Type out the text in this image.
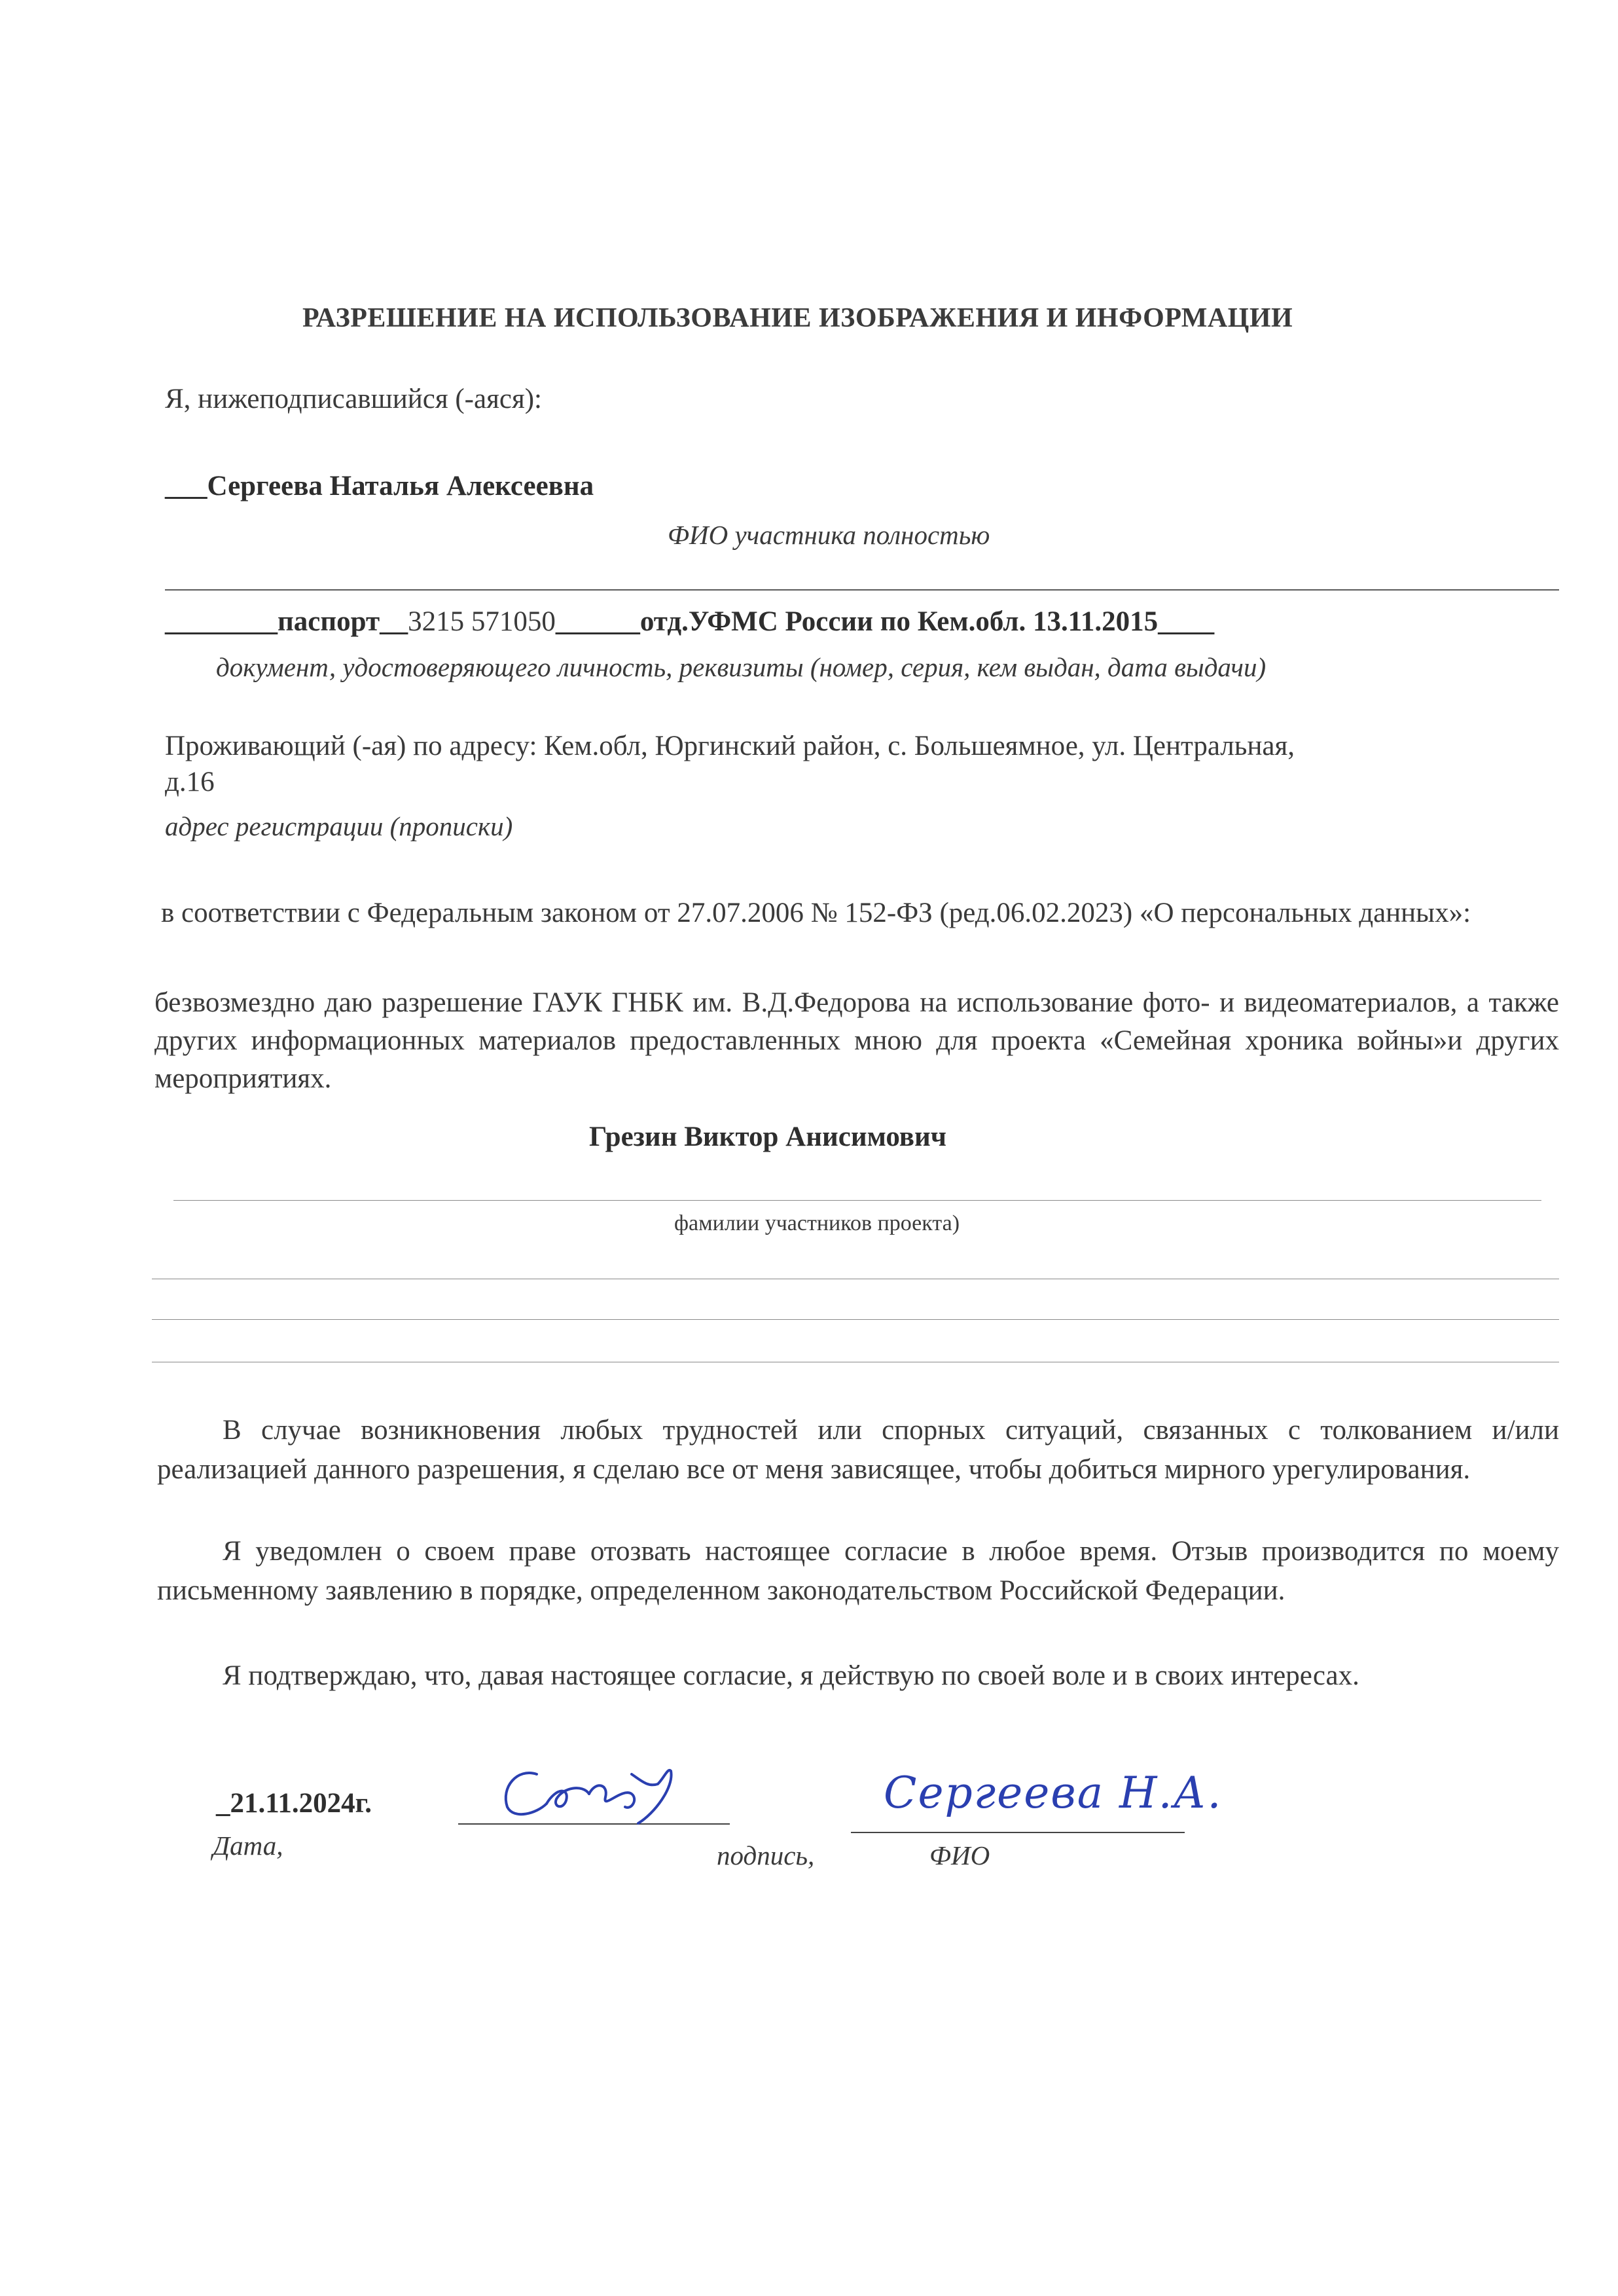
РАЗРЕШЕНИЕ НА ИСПОЛЬЗОВАНИЕ ИЗОБРАЖЕНИЯ И ИНФОРМАЦИИ
Я, нижеподписавшийся (-аяся):
___Сергеева Наталья Алексеевна
ФИО участника полностью
________паспорт__3215 571050______отд.УФМС России по Кем.обл. 13.11.2015____
документ, удостоверяющего личность, реквизиты (номер, серия, кем выдан, дата выдачи)
Проживающий (-ая) по адресу: Кем.обл, Юргинский район, с. Большеямное, ул. Центральная,
д.16
адрес регистрации (прописки)
в соответствии с Федеральным законом от 27.07.2006 № 152-ФЗ (ред.06.02.2023) «О персональных данных»:
безвозмездно даю разрешение ГАУК ГНБК им. В.Д.Федорова на использование фото- и видеоматериалов, а также других информационных материалов предоставленных мною для проекта «Семейная хроника войны»и других мероприятиях.
Грезин Виктор Анисимович
фамилии участников проекта)
В случае возникновения любых трудностей или спорных ситуаций, связанных с толкованием и/или реализацией данного разрешения, я сделаю все от меня зависящее, чтобы добиться мирного урегулирования.
Я уведомлен о своем праве отозвать настоящее согласие в любое время. Отзыв производится по моему письменному заявлению в порядке, определенном законодательством Российской Федерации.
Я подтверждаю, что, давая настоящее согласие, я действую по своей воле и в своих интересах.
_21.11.2024г.
Дата,	подпись,	ФИО
Сергеева Н.А.
